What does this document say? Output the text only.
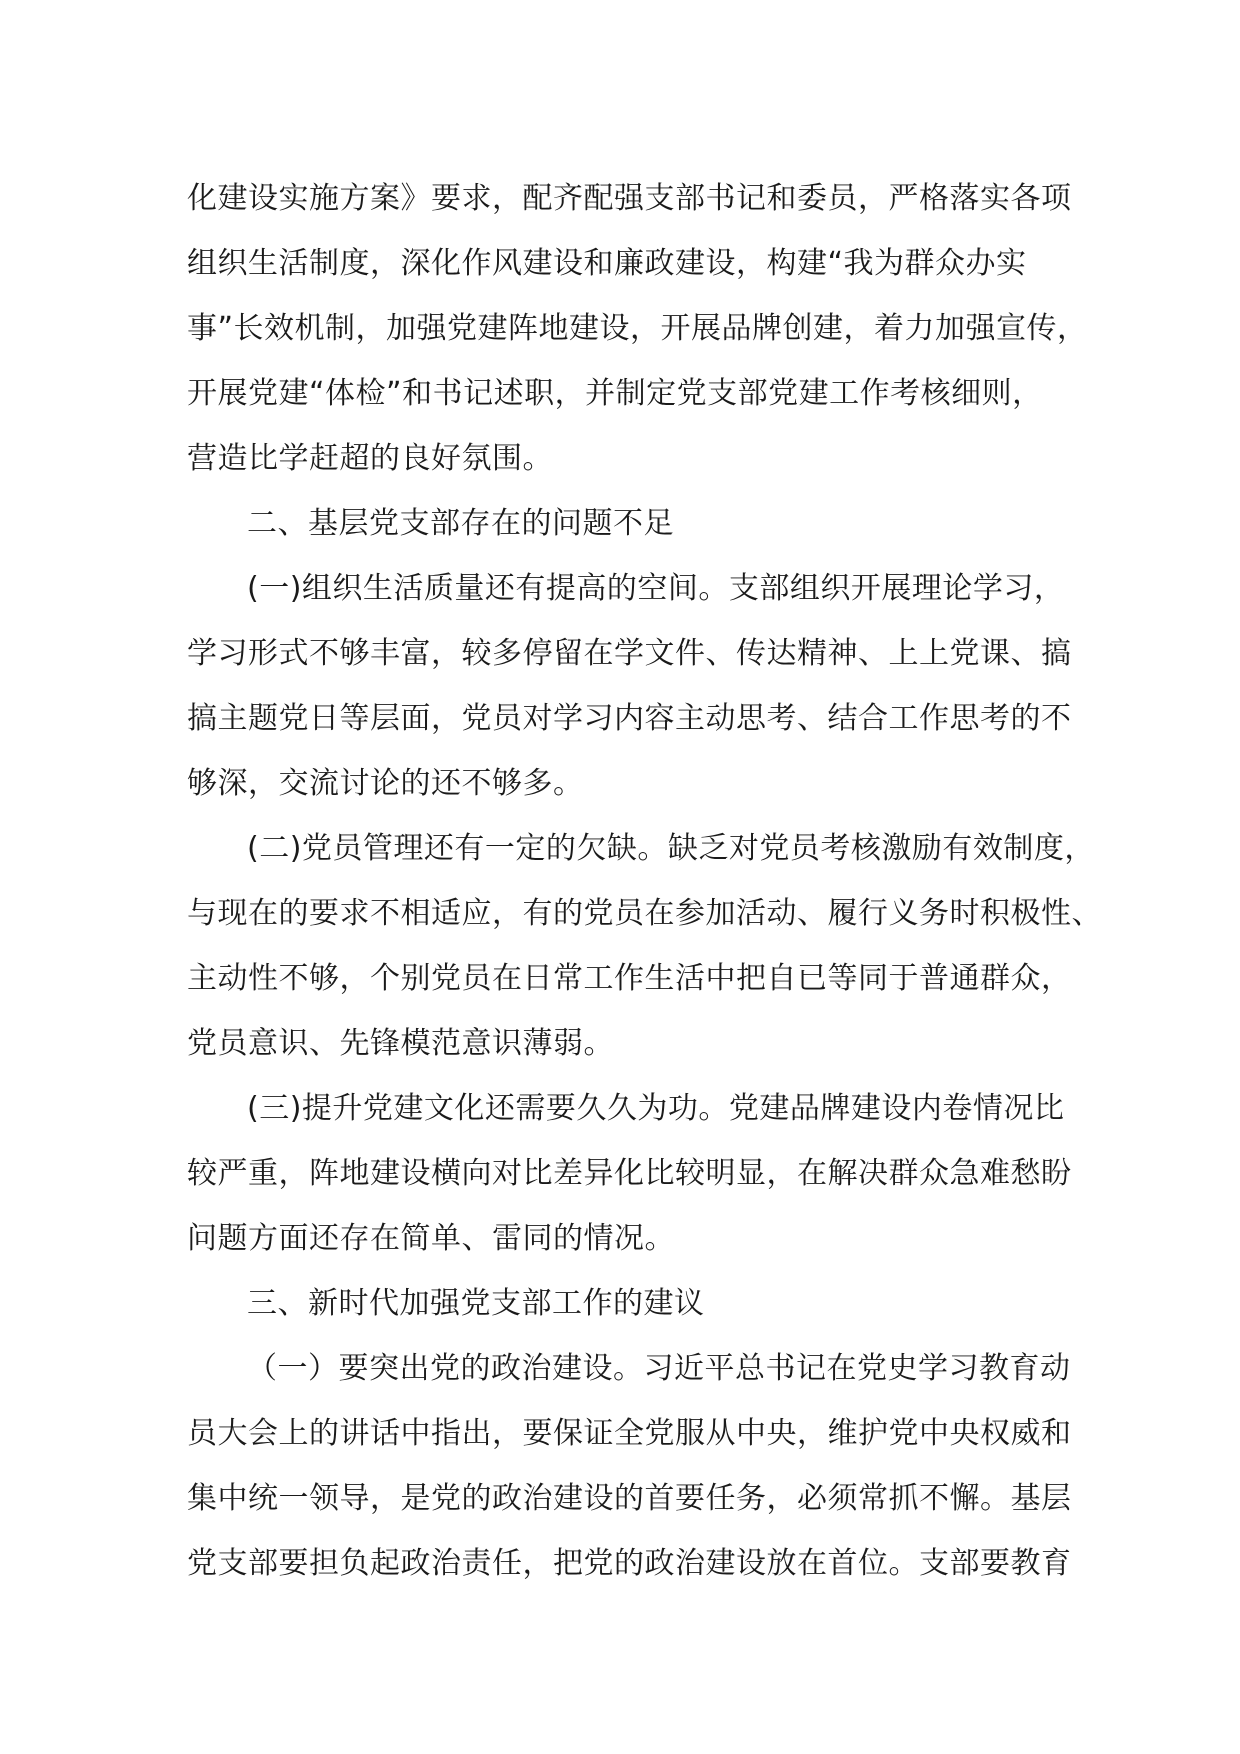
化建设实施方案》要求，配齐配强支部书记和委员，严格落实各项
组织生活制度，深化作风建设和廉政建设，构建“我为群众办实
事”长效机制，加强党建阵地建设，开展品牌创建，着力加强宣传，
开展党建“体检”和书记述职，并制定党支部党建工作考核细则，
营造比学赶超的良好氛围。
二、基层党支部存在的问题不足
(一)组织生活质量还有提高的空间。支部组织开展理论学习，
学习形式不够丰富，较多停留在学文件、传达精神、上上党课、搞
搞主题党日等层面，党员对学习内容主动思考、结合工作思考的不
够深，交流讨论的还不够多。
(二)党员管理还有一定的欠缺。缺乏对党员考核激励有效制度，
与现在的要求不相适应，有的党员在参加活动、履行义务时积极性、
主动性不够，个别党员在日常工作生活中把自已等同于普通群众，
党员意识、先锋模范意识薄弱。
(三)提升党建文化还需要久久为功。党建品牌建设内卷情况比
较严重，阵地建设横向对比差异化比较明显，在解决群众急难愁盼
问题方面还存在简单、雷同的情况。
三、新时代加强党支部工作的建议
（一）要突出党的政治建设。习近平总书记在党史学习教育动
员大会上的讲话中指出，要保证全党服从中央，维护党中央权威和
集中统一领导，是党的政治建设的首要任务，必须常抓不懈。基层
党支部要担负起政治责任，把党的政治建设放在首位。支部要教育
